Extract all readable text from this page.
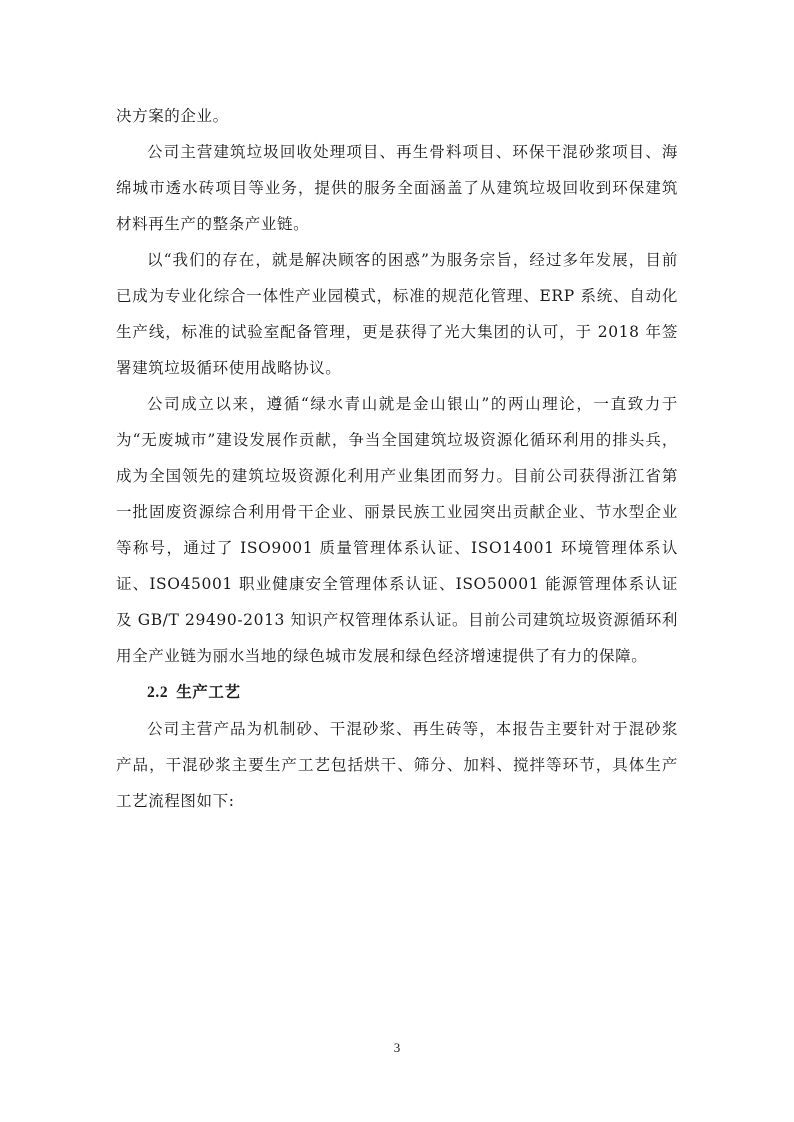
决方案的企业。

公司主营建筑垃圾回收处理项目、再生骨料项目、环保干混砂浆项目、海绵城市透水砖项目等业务，提供的服务全面涵盖了从建筑垃圾回收到环保建筑材料再生产的整条产业链。

以“我们的存在，就是解决顾客的困惑”为服务宗旨，经过多年发展，目前已成为专业化综合一体性产业园模式，标准的规范化管理、ERP 系统、自动化生产线，标准的试验室配备管理，更是获得了光大集团的认可，于 2018 年签署建筑垃圾循环使用战略协议。

公司成立以来，遵循“绿水青山就是金山银山”的两山理论，一直致力于为“无废城市”建设发展作贡献，争当全国建筑垃圾资源化循环利用的排头兵，成为全国领先的建筑垃圾资源化利用产业集团而努力。目前公司获得浙江省第一批固废资源综合利用骨干企业、丽景民族工业园突出贡献企业、节水型企业等称号，通过了 ISO9001 质量管理体系认证、ISO14001 环境管理体系认证、ISO45001 职业健康安全管理体系认证、ISO50001 能源管理体系认证及 GB/T 29490-2013 知识产权管理体系认证。目前公司建筑垃圾资源循环利用全产业链为丽水当地的绿色城市发展和绿色经济增速提供了有力的保障。

2.2 生产工艺

公司主营产品为机制砂、干混砂浆、再生砖等，本报告主要针对于混砂浆产品，干混砂浆主要生产工艺包括烘干、筛分、加料、搅拌等环节，具体生产工艺流程图如下:

3
